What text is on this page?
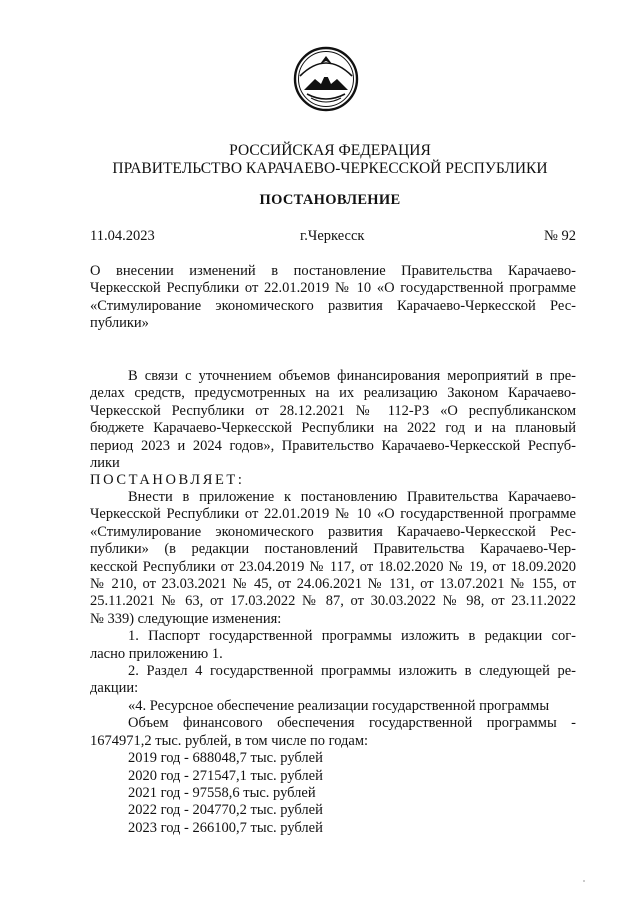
РОССИЙСКАЯ ФЕДЕРАЦИЯ
ПРАВИТЕЛЬСТВО КАРАЧАЕВО-ЧЕРКЕССКОЙ РЕСПУБЛИКИ
ПОСТАНОВЛЕНИЕ
11.04.2023	г.Черкесск	№ 92

О внесении изменений в постановление Правительства Карачаево-

Черкесской Республики от 22.01.2019 № 10 «О государственной программе

«Стимулирование экономического развития Карачаево-Черкесской Рес-

публики»

В связи с уточнением объемов финансирования мероприятий в пре-

делах средств, предусмотренных на их реализацию Законом Карачаево-

Черкесской Республики от 28.12.2021 № 112-РЗ «О республиканском

бюджете Карачаево-Черкесской Республики на 2022 год и на плановый

период 2023 и 2024 годов», Правительство Карачаево-Черкесской Респуб-

лики

ПОСТАНОВЛЯЕТ:

Внести в приложение к постановлению Правительства Карачаево-

Черкесской Республики от 22.01.2019 № 10 «О государственной программе

«Стимулирование экономического развития Карачаево-Черкесской Рес-

публики» (в редакции постановлений Правительства Карачаево-Чер-

кесской Республики от 23.04.2019 № 117, от 18.02.2020 № 19, от 18.09.2020

№ 210, от 23.03.2021 № 45, от 24.06.2021 № 131, от 13.07.2021 № 155, от

25.11.2021 № 63, от 17.03.2022 № 87, от 30.03.2022 № 98, от 23.11.2022

№ 339) следующие изменения:

1. Паспорт государственной программы изложить в редакции сог-

ласно приложению 1.

2. Раздел 4 государственной программы изложить в следующей ре-

дакции:

«4. Ресурсное обеспечение реализации государственной программы

Объем финансового обеспечения государственной программы -

1674971,2 тыс. рублей, в том числе по годам:

2019 год - 688048,7 тыс. рублей

2020 год - 271547,1 тыс. рублей

2021 год - 97558,6 тыс. рублей

2022 год - 204770,2 тыс. рублей

2023 год - 266100,7 тыс. рублей
